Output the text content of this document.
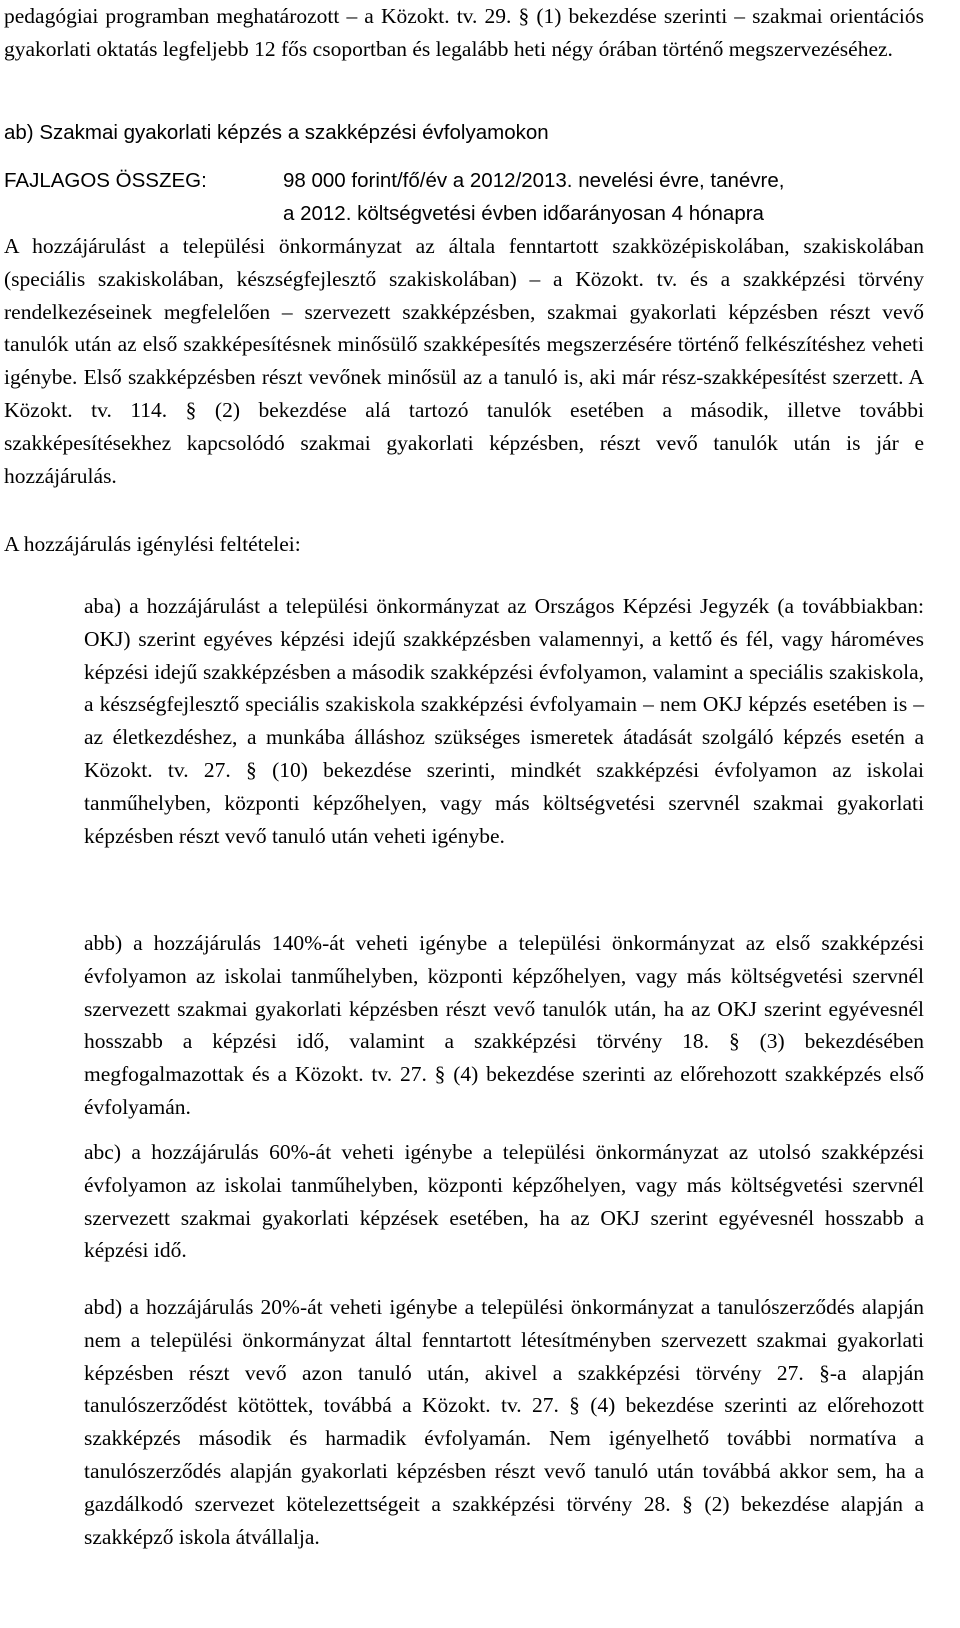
pedagógiai programban meghatározott – a Közokt. tv. 29. § (1) bekezdése szerinti – szakmai orientációs gyakorlati oktatás legfeljebb 12 fős csoportban és legalább heti négy órában történő megszervezéséhez.

ab) Szakmai gyakorlati képzés a szakképzési évfolyamokon
FAJLAGOS ÖSSZEG:	98 000 forint/fő/év a 2012/2013. nevelési évre, tanévre,
a 2012. költségvetési évben időarányosan 4 hónapra

A hozzájárulást a települési önkormányzat az általa fenntartott szakközépiskolában, szakiskolában (speciális szakiskolában, készségfejlesztő szakiskolában) – a Közokt. tv. és a szakképzési törvény rendelkezéseinek megfelelően – szervezett szakképzésben, szakmai gyakorlati képzésben részt vevő tanulók után az első szakképesítésnek minősülő szakképesítés megszerzésére történő felkészítéshez veheti igénybe. Első szakképzésben részt vevőnek minősül az a tanuló is, aki már rész-szakképesítést szerzett. A Közokt. tv. 114. § (2) bekezdése alá tartozó tanulók esetében a második, illetve további szakképesítésekhez kapcsolódó szakmai gyakorlati képzésben, részt vevő tanulók után is jár e hozzájárulás.

A hozzájárulás igénylési feltételei:

aba) a hozzájárulást a települési önkormányzat az Országos Képzési Jegyzék (a továbbiakban: OKJ) szerint egyéves képzési idejű szakképzésben valamennyi, a kettő és fél, vagy hároméves képzési idejű szakképzésben a második szakképzési évfolyamon, valamint a speciális szakiskola, a készségfejlesztő speciális szakiskola szakképzési évfolyamain – nem OKJ képzés esetében is – az életkezdéshez, a munkába álláshoz szükséges ismeretek átadását szolgáló képzés esetén a Közokt. tv. 27. § (10) bekezdése szerinti, mindkét szakképzési évfolyamon az iskolai tanműhelyben, központi képzőhelyen, vagy más költségvetési szervnél szakmai gyakorlati képzésben részt vevő tanuló után veheti igénybe.

abb) a hozzájárulás 140%-át veheti igénybe a települési önkormányzat az első szakképzési évfolyamon az iskolai tanműhelyben, központi képzőhelyen, vagy más költségvetési szervnél szervezett szakmai gyakorlati képzésben részt vevő tanulók után, ha az OKJ szerint egyévesnél hosszabb a képzési idő, valamint a szakképzési törvény 18. § (3) bekezdésében megfogalmazottak és a Közokt. tv. 27. § (4) bekezdése szerinti az előrehozott szakképzés első évfolyamán.

abc) a hozzájárulás 60%-át veheti igénybe a települési önkormányzat az utolsó szakképzési évfolyamon az iskolai tanműhelyben, központi képzőhelyen, vagy más költségvetési szervnél szervezett szakmai gyakorlati képzések esetében, ha az OKJ szerint egyévesnél hosszabb a képzési idő.

abd) a hozzájárulás 20%-át veheti igénybe a települési önkormányzat a tanulószerződés alapján nem a települési önkormányzat által fenntartott létesítményben szervezett szakmai gyakorlati képzésben részt vevő azon tanuló után, akivel a szakképzési törvény 27. §-a alapján tanulószerződést kötöttek, továbbá a Közokt. tv. 27. § (4) bekezdése szerinti az előrehozott szakképzés második és harmadik évfolyamán. Nem igényelhető további normatíva a tanulószerződés alapján gyakorlati képzésben részt vevő tanuló után továbbá akkor sem, ha a gazdálkodó szervezet kötelezettségeit a szakképzési törvény 28. § (2) bekezdése alapján a szakképző iskola átvállalja.
